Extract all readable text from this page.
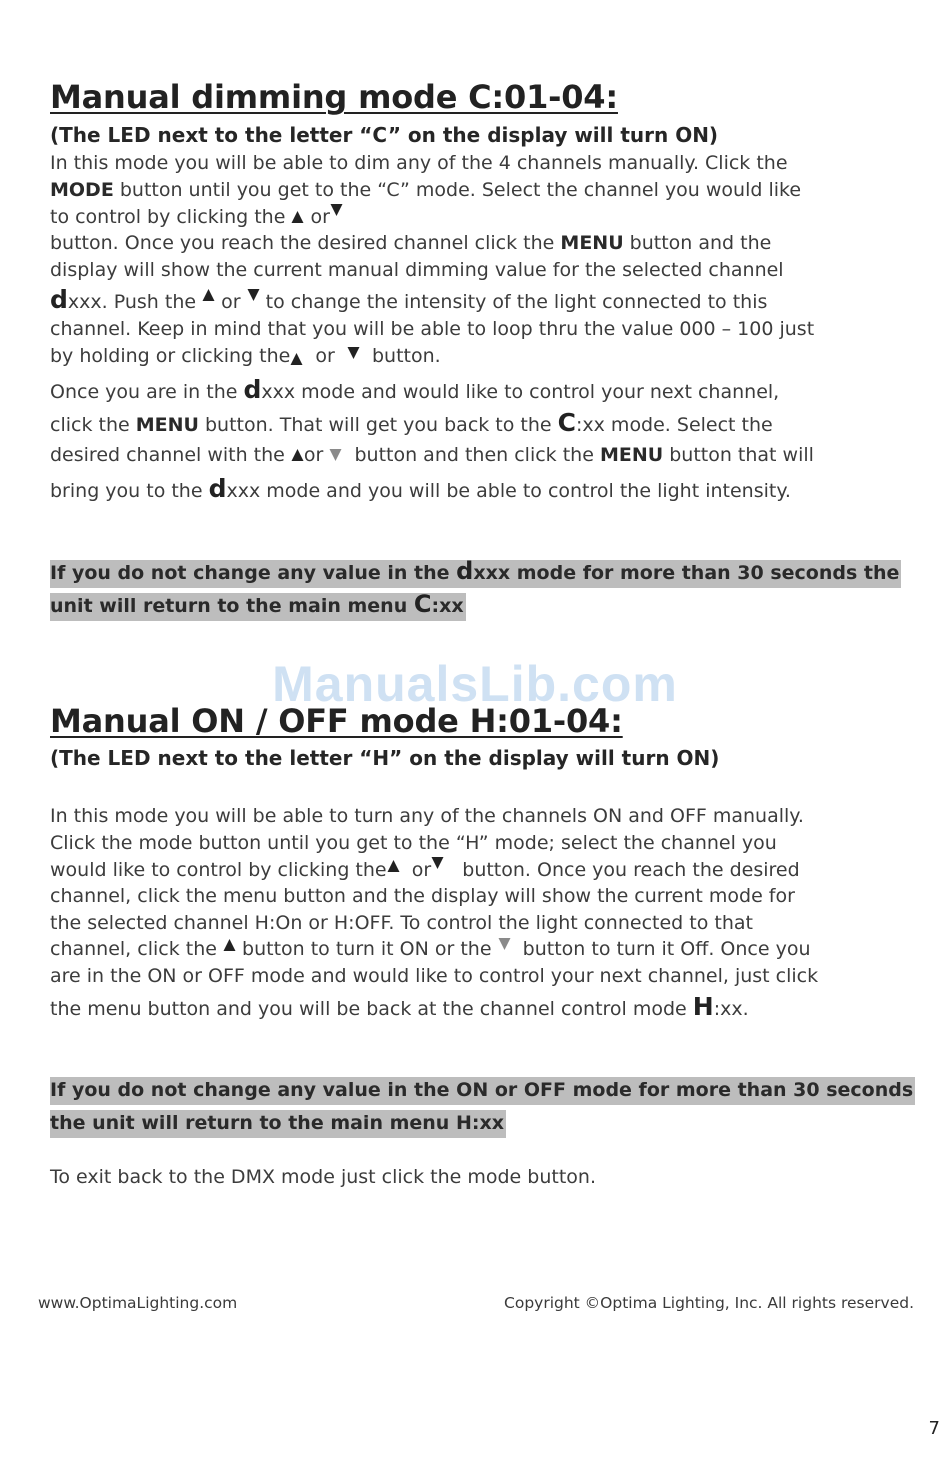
Manual dimming mode C:01-04:
(The LED next to the letter “C” on the display will turn ON)
In this mode you will be able to dim any of the 4 channels manually. Click the
MODE button until you get to the “C” mode. Select the channel you would like
to control by clicking the
or
button. Once you reach the desired channel click the MENU button and the
display will show the current manual dimming value for the selected channel
dxxx. Push the
or
to change the intensity of the light connected to this
channel. Keep in mind that you will be able to loop thru the value 000 – 100 just
by holding or clicking the
or
button.
Once you are in the dxxx mode and would like to control your next channel,
click the MENU button. That will get you back to the C:xx mode. Select the
desired channel with the
or
button and then click the MENU button that will
bring you to the dxxx mode and you will be able to control the light intensity.
If you do not change any value in the dxxx mode for more than 30 seconds the
unit will return to the main menu C:xx
ManualsLib.com
Manual ON / OFF mode H:01-04:
(The LED next to the letter “H” on the display will turn ON)
In this mode you will be able to turn any of the channels ON and OFF manually.
Click the mode button until you get to the “H” mode; select the channel you
would like to control by clicking the
or
button. Once you reach the desired
channel, click the menu button and the display will show the current mode for
the selected channel H:On or H:OFF. To control the light connected to that
channel, click the
button to turn it ON or the
button to turn it Off. Once you
are in the ON or OFF mode and would like to control your next channel, just click
the menu button and you will be back at the channel control mode H:xx.
If you do not change any value in the ON or OFF mode for more than 30 seconds
the unit will return to the main menu H:xx
To exit back to the DMX mode just click the mode button.
www.OptimaLighting.com	Copyright ©Optima Lighting, Inc. All rights reserved.
7
